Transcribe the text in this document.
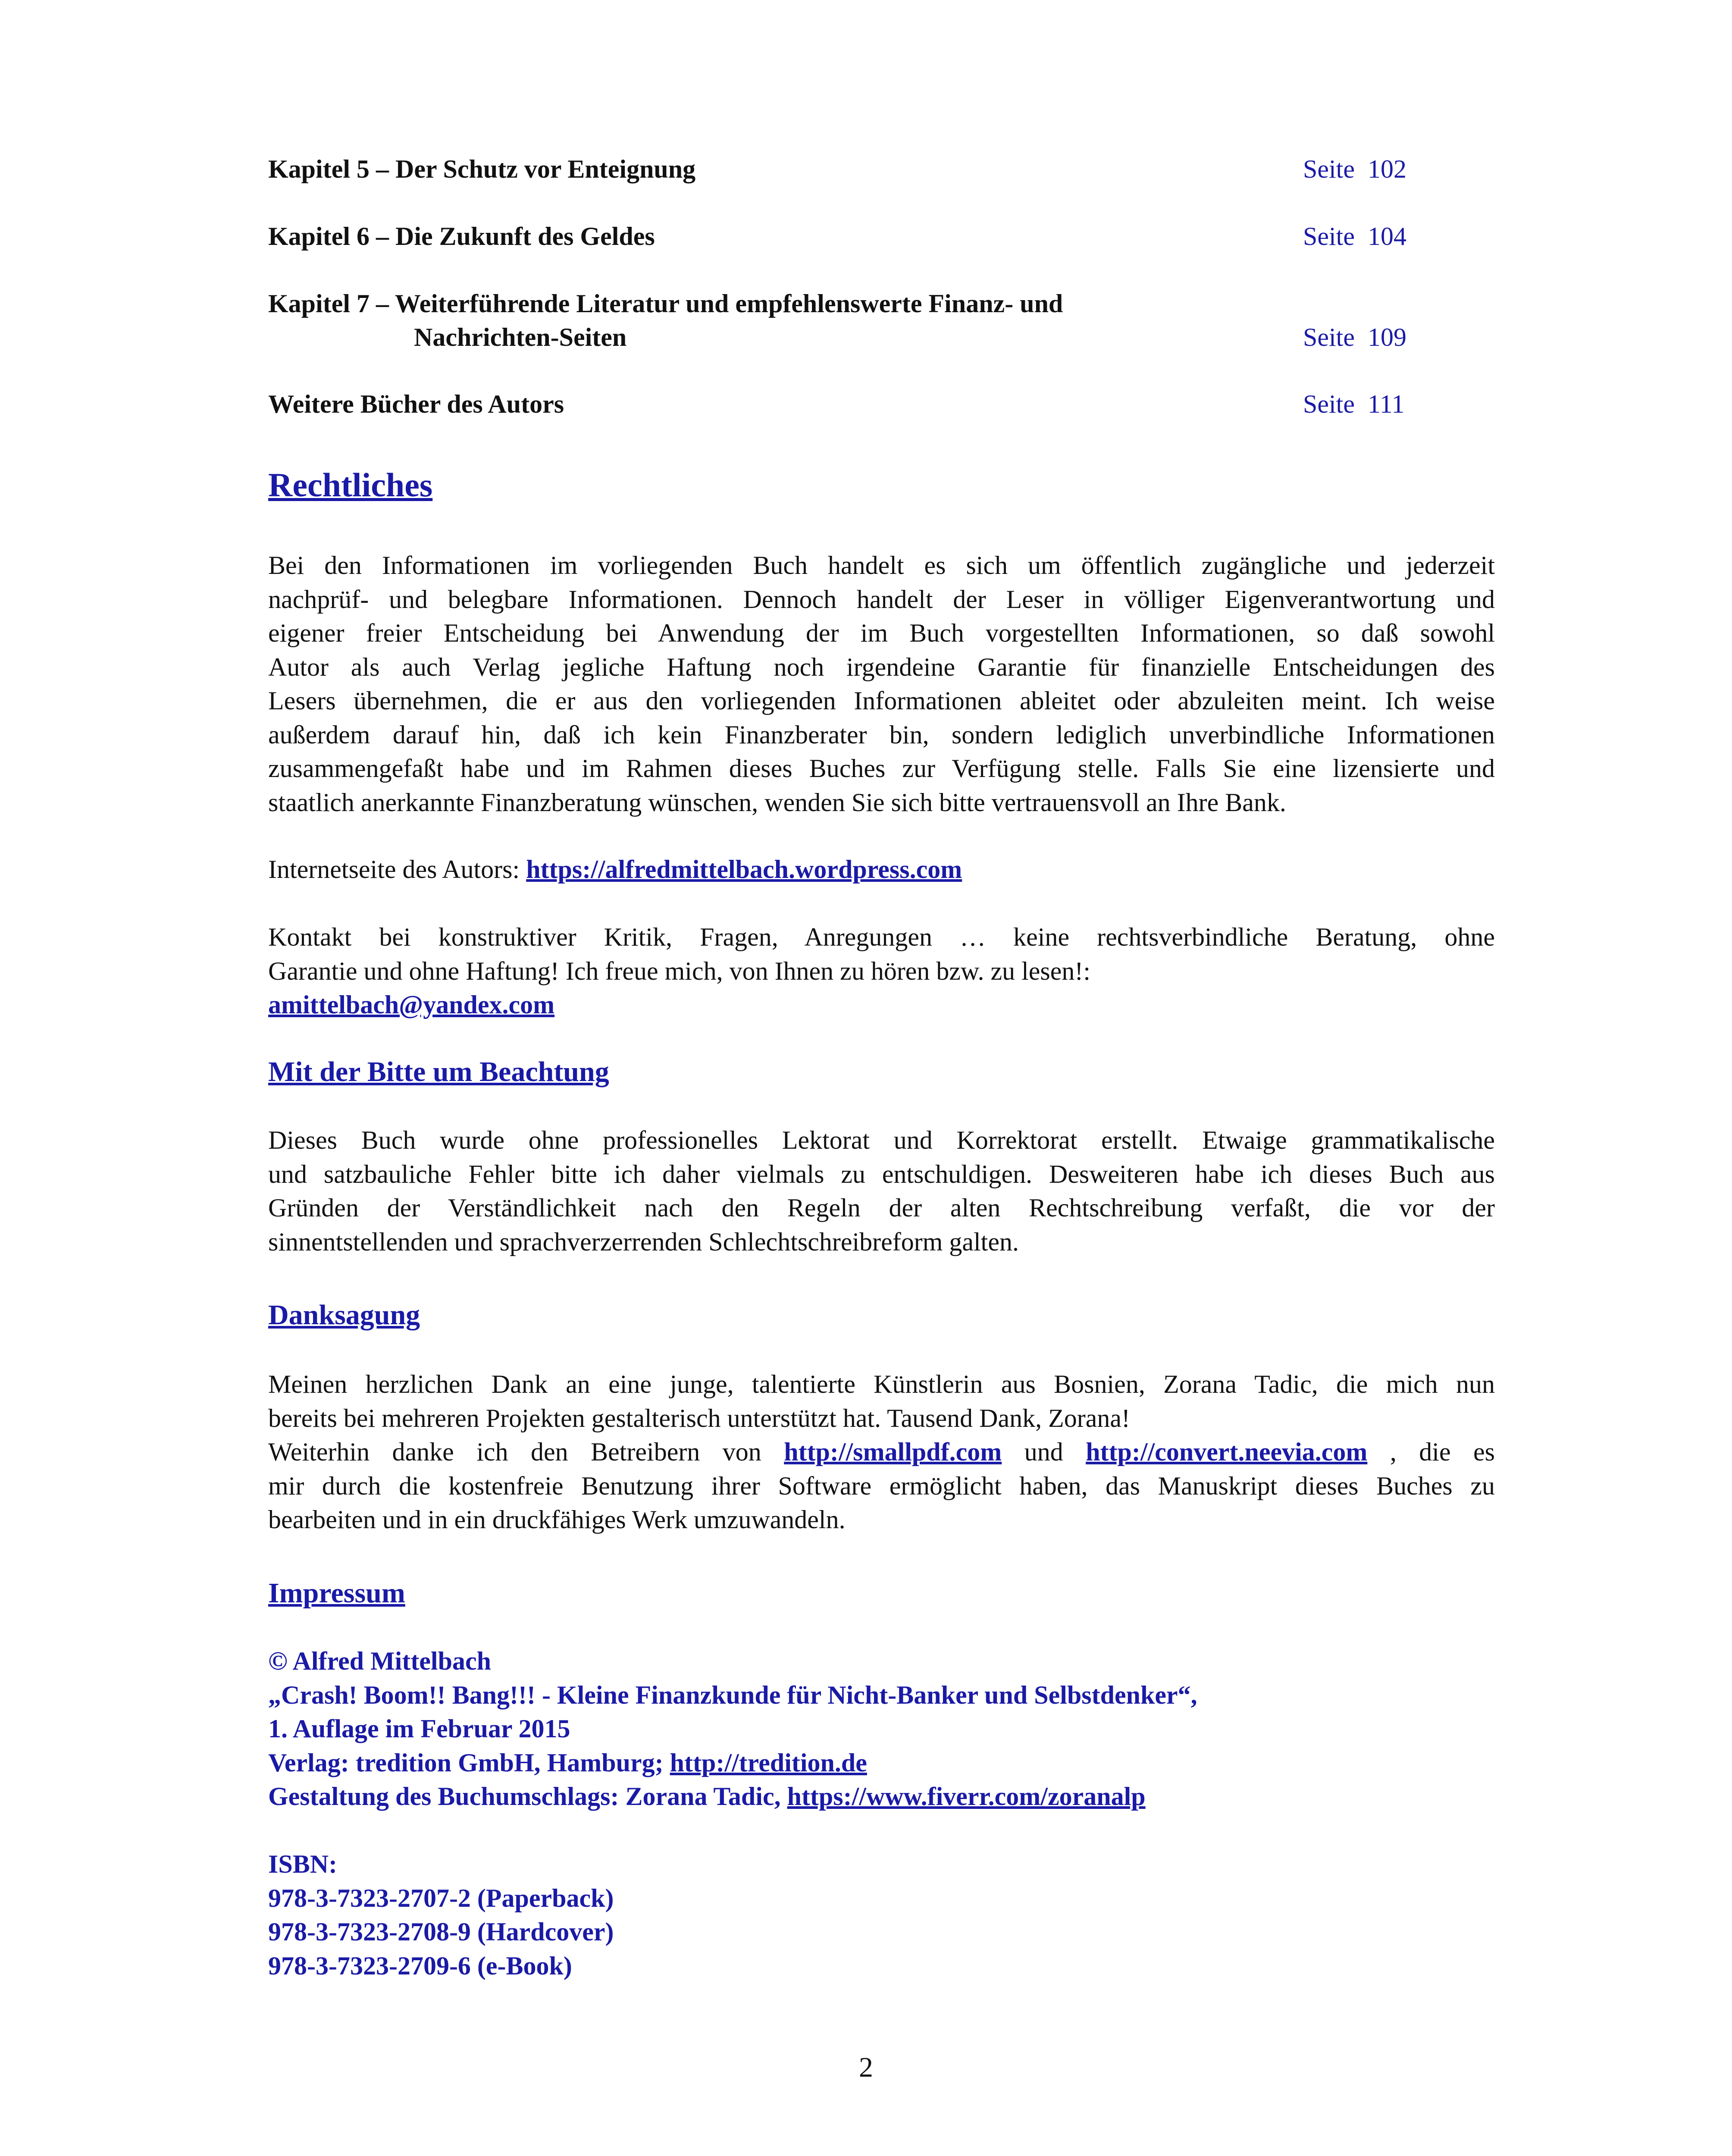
Kapitel 5 – Der Schutz vor Enteignung	Seite 102
Kapitel 6 – Die Zukunft des Geldes	Seite 104
Kapitel 7 – Weiterführende Literatur und empfehlenswerte Finanz- und
Nachrichten-Seiten	Seite 109
Weitere Bücher des Autors	Seite 111
Rechtliches

Bei den Informationen im vorliegenden Buch handelt es sich um öffentlich zugängliche und jederzeit
nachprüf- und belegbare Informationen. Dennoch handelt der Leser in völliger Eigenverantwortung und
eigener freier Entscheidung bei Anwendung der im Buch vorgestellten Informationen, so daß sowohl
Autor als auch Verlag jegliche Haftung noch irgendeine Garantie für finanzielle Entscheidungen des
Lesers übernehmen, die er aus den vorliegenden Informationen ableitet oder abzuleiten meint. Ich weise
außerdem darauf hin, daß ich kein Finanzberater bin, sondern lediglich unverbindliche Informationen
zusammengefaßt habe und im Rahmen dieses Buches zur Verfügung stelle. Falls Sie eine lizensierte und
staatlich anerkannte Finanzberatung wünschen, wenden Sie sich bitte vertrauensvoll an Ihre Bank.

Internetseite des Autors: https://alfredmittelbach.wordpress.com

Kontakt bei konstruktiver Kritik, Fragen, Anregungen … keine rechtsverbindliche Beratung, ohne
Garantie und ohne Haftung! Ich freue mich, von Ihnen zu hören bzw. zu lesen!:
amittelbach@yandex.com

Mit der Bitte um Beachtung

Dieses Buch wurde ohne professionelles Lektorat und Korrektorat erstellt. Etwaige grammatikalische
und satzbauliche Fehler bitte ich daher vielmals zu entschuldigen. Desweiteren habe ich dieses Buch aus
Gründen der Verständlichkeit nach den Regeln der alten Rechtschreibung verfaßt, die vor der
sinnentstellenden und sprachverzerrenden Schlechtschreibreform galten.

Danksagung

Meinen herzlichen Dank an eine junge, talentierte Künstlerin aus Bosnien, Zorana Tadic, die mich nun
bereits bei mehreren Projekten gestalterisch unterstützt hat. Tausend Dank, Zorana!
Weiterhin danke ich den Betreibern von http://smallpdf.com und http://convert.neevia.com , die es
mir durch die kostenfreie Benutzung ihrer Software ermöglicht haben, das Manuskript dieses Buches zu
bearbeiten und in ein druckfähiges Werk umzuwandeln.

Impressum

© Alfred Mittelbach
„Crash! Boom!! Bang!!! - Kleine Finanzkunde für Nicht-Banker und Selbstdenker“,
1. Auflage im Februar 2015
Verlag: tredition GmbH, Hamburg; http://tredition.de
Gestaltung des Buchumschlags: Zorana Tadic, https://www.fiverr.com/zoranalp

ISBN:
978-3-7323-2707-2 (Paperback)
978-3-7323-2708-9 (Hardcover)
978-3-7323-2709-6 (e-Book)

2
